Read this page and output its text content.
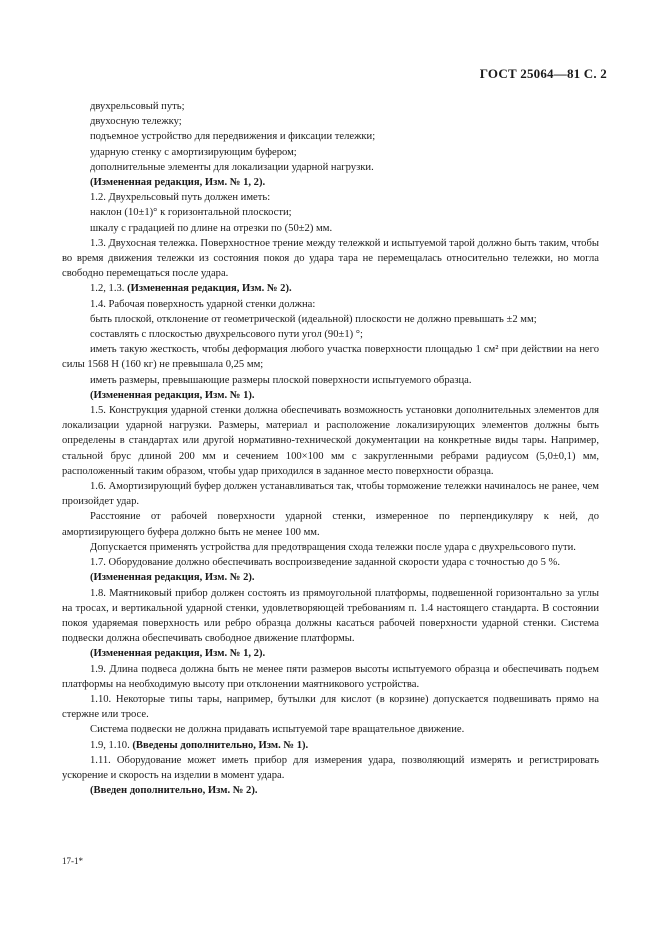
ГОСТ 25064—81 С. 2
двухрельсовый путь;
двухосную тележку;
подъемное устройство для передвижения и фиксации тележки;
ударную стенку с амортизирующим буфером;
дополнительные элементы для локализации ударной нагрузки.
(Измененная редакция, Изм. № 1, 2).
1.2. Двухрельсовый путь должен иметь:
наклон (10±1)° к горизонтальной плоскости;
шкалу с градацией по длине на отрезки по (50±2) мм.
1.3. Двухосная тележка. Поверхностное трение между тележкой и испытуемой тарой должно быть таким, чтобы во время движения тележки из состояния покоя до удара тара не перемещалась относительно тележки, но могла свободно перемещаться после удара.
1.2, 1.3. (Измененная редакция, Изм. № 2).
1.4. Рабочая поверхность ударной стенки должна:
быть плоской, отклонение от геометрической (идеальной) плоскости не должно превышать ±2 мм;
составлять с плоскостью двухрельсового пути угол (90±1) °;
иметь такую жесткость, чтобы деформация любого участка поверхности площадью 1 см² при действии на него силы 1568 Н (160 кг) не превышала 0,25 мм;
иметь размеры, превышающие размеры плоской поверхности испытуемого образца.
(Измененная редакция, Изм. № 1).
1.5. Конструкция ударной стенки должна обеспечивать возможность установки дополнительных элементов для локализации ударной нагрузки. Размеры, материал и расположение локализирующих элементов должны быть определены в стандартах или другой нормативно-технической документации на конкретные виды тары. Например, стальной брус длиной 200 мм и сечением 100×100 мм с закругленными ребрами радиусом (5,0±0,1) мм, расположенный таким образом, чтобы удар приходился в заданное место поверхности образца.
1.6. Амортизирующий буфер должен устанавливаться так, чтобы торможение тележки начиналось не ранее, чем произойдет удар.
Расстояние от рабочей поверхности ударной стенки, измеренное по перпендикуляру к ней, до амортизирующего буфера должно быть не менее 100 мм.
Допускается применять устройства для предотвращения схода тележки после удара с двухрельсового пути.
1.7. Оборудование должно обеспечивать воспроизведение заданной скорости удара с точностью до 5 %.
(Измененная редакция, Изм. № 2).
1.8. Маятниковый прибор должен состоять из прямоугольной платформы, подвешенной горизонтально за углы на тросах, и вертикальной ударной стенки, удовлетворяющей требованиям п. 1.4 настоящего стандарта. В состоянии покоя ударяемая поверхность или ребро образца должны касаться рабочей поверхности ударной стенки. Система подвески должна обеспечивать свободное движение платформы.
(Измененная редакция, Изм. № 1, 2).
1.9. Длина подвеса должна быть не менее пяти размеров высоты испытуемого образца и обеспечивать подъем платформы на необходимую высоту при отклонении маятникового устройства.
1.10. Некоторые типы тары, например, бутылки для кислот (в корзине) допускается подвешивать прямо на стержне или тросе.
Система подвески не должна придавать испытуемой таре вращательное движение.
1.9, 1.10. (Введены дополнительно, Изм. № 1).
1.11. Оборудование может иметь прибор для измерения удара, позволяющий измерять и регистрировать ускорение и скорость на изделии в момент удара.
(Введен дополнительно, Изм. № 2).
17-1*
